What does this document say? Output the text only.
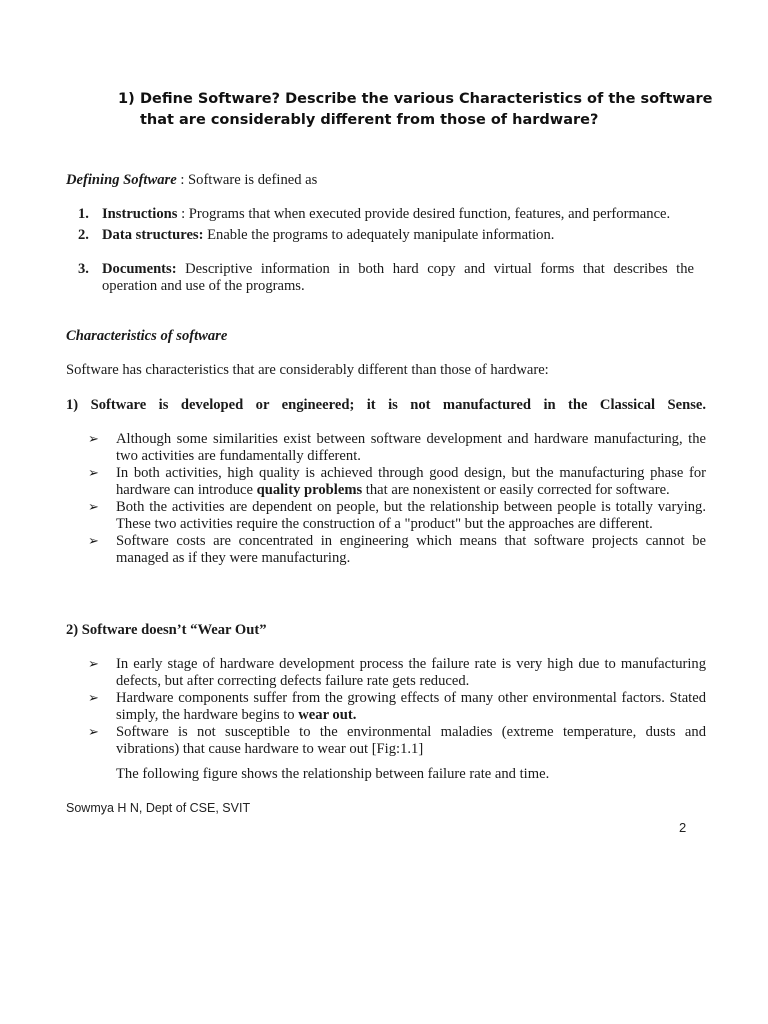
1) Define Software? Describe the various Characteristics of the software
that are considerably different from those of hardware?
Defining Software : Software is defined as
1. Instructions : Programs that when executed provide desired function, features, and performance.
2. Data structures: Enable the programs to adequately manipulate information.
3. Documents: Descriptive information in both hard copy and virtual forms that describes the operation and use of the programs.
Characteristics of software
Software has characteristics that are considerably different than those of hardware:
1) Software is developed or engineered; it is not manufactured in the Classical Sense.
➢	Although some similarities exist between software development and hardware manufacturing, the two activities are fundamentally different.
➢	In both activities, high quality is achieved through good design, but the manufacturing phase for hardware can introduce quality problems that are nonexistent or easily corrected for software.
➢	Both the activities are dependent on people, but the relationship between people is totally varying. These two activities require the construction of a "product" but the approaches are different.
➢	Software costs are concentrated in engineering which means that software projects cannot be managed as if they were manufacturing.
2) Software doesn’t “Wear Out”
➢	In early stage of hardware development process the failure rate is very high due to manufacturing defects, but after correcting defects failure rate gets reduced.
➢	Hardware components suffer from the growing effects of many other environmental factors. Stated simply, the hardware begins to wear out.
➢	Software is not susceptible to the environmental maladies (extreme temperature, dusts and vibrations) that cause hardware to wear out [Fig:1.1]
The following figure shows the relationship between failure rate and time.
Sowmya H N, Dept of CSE, SVIT
2
